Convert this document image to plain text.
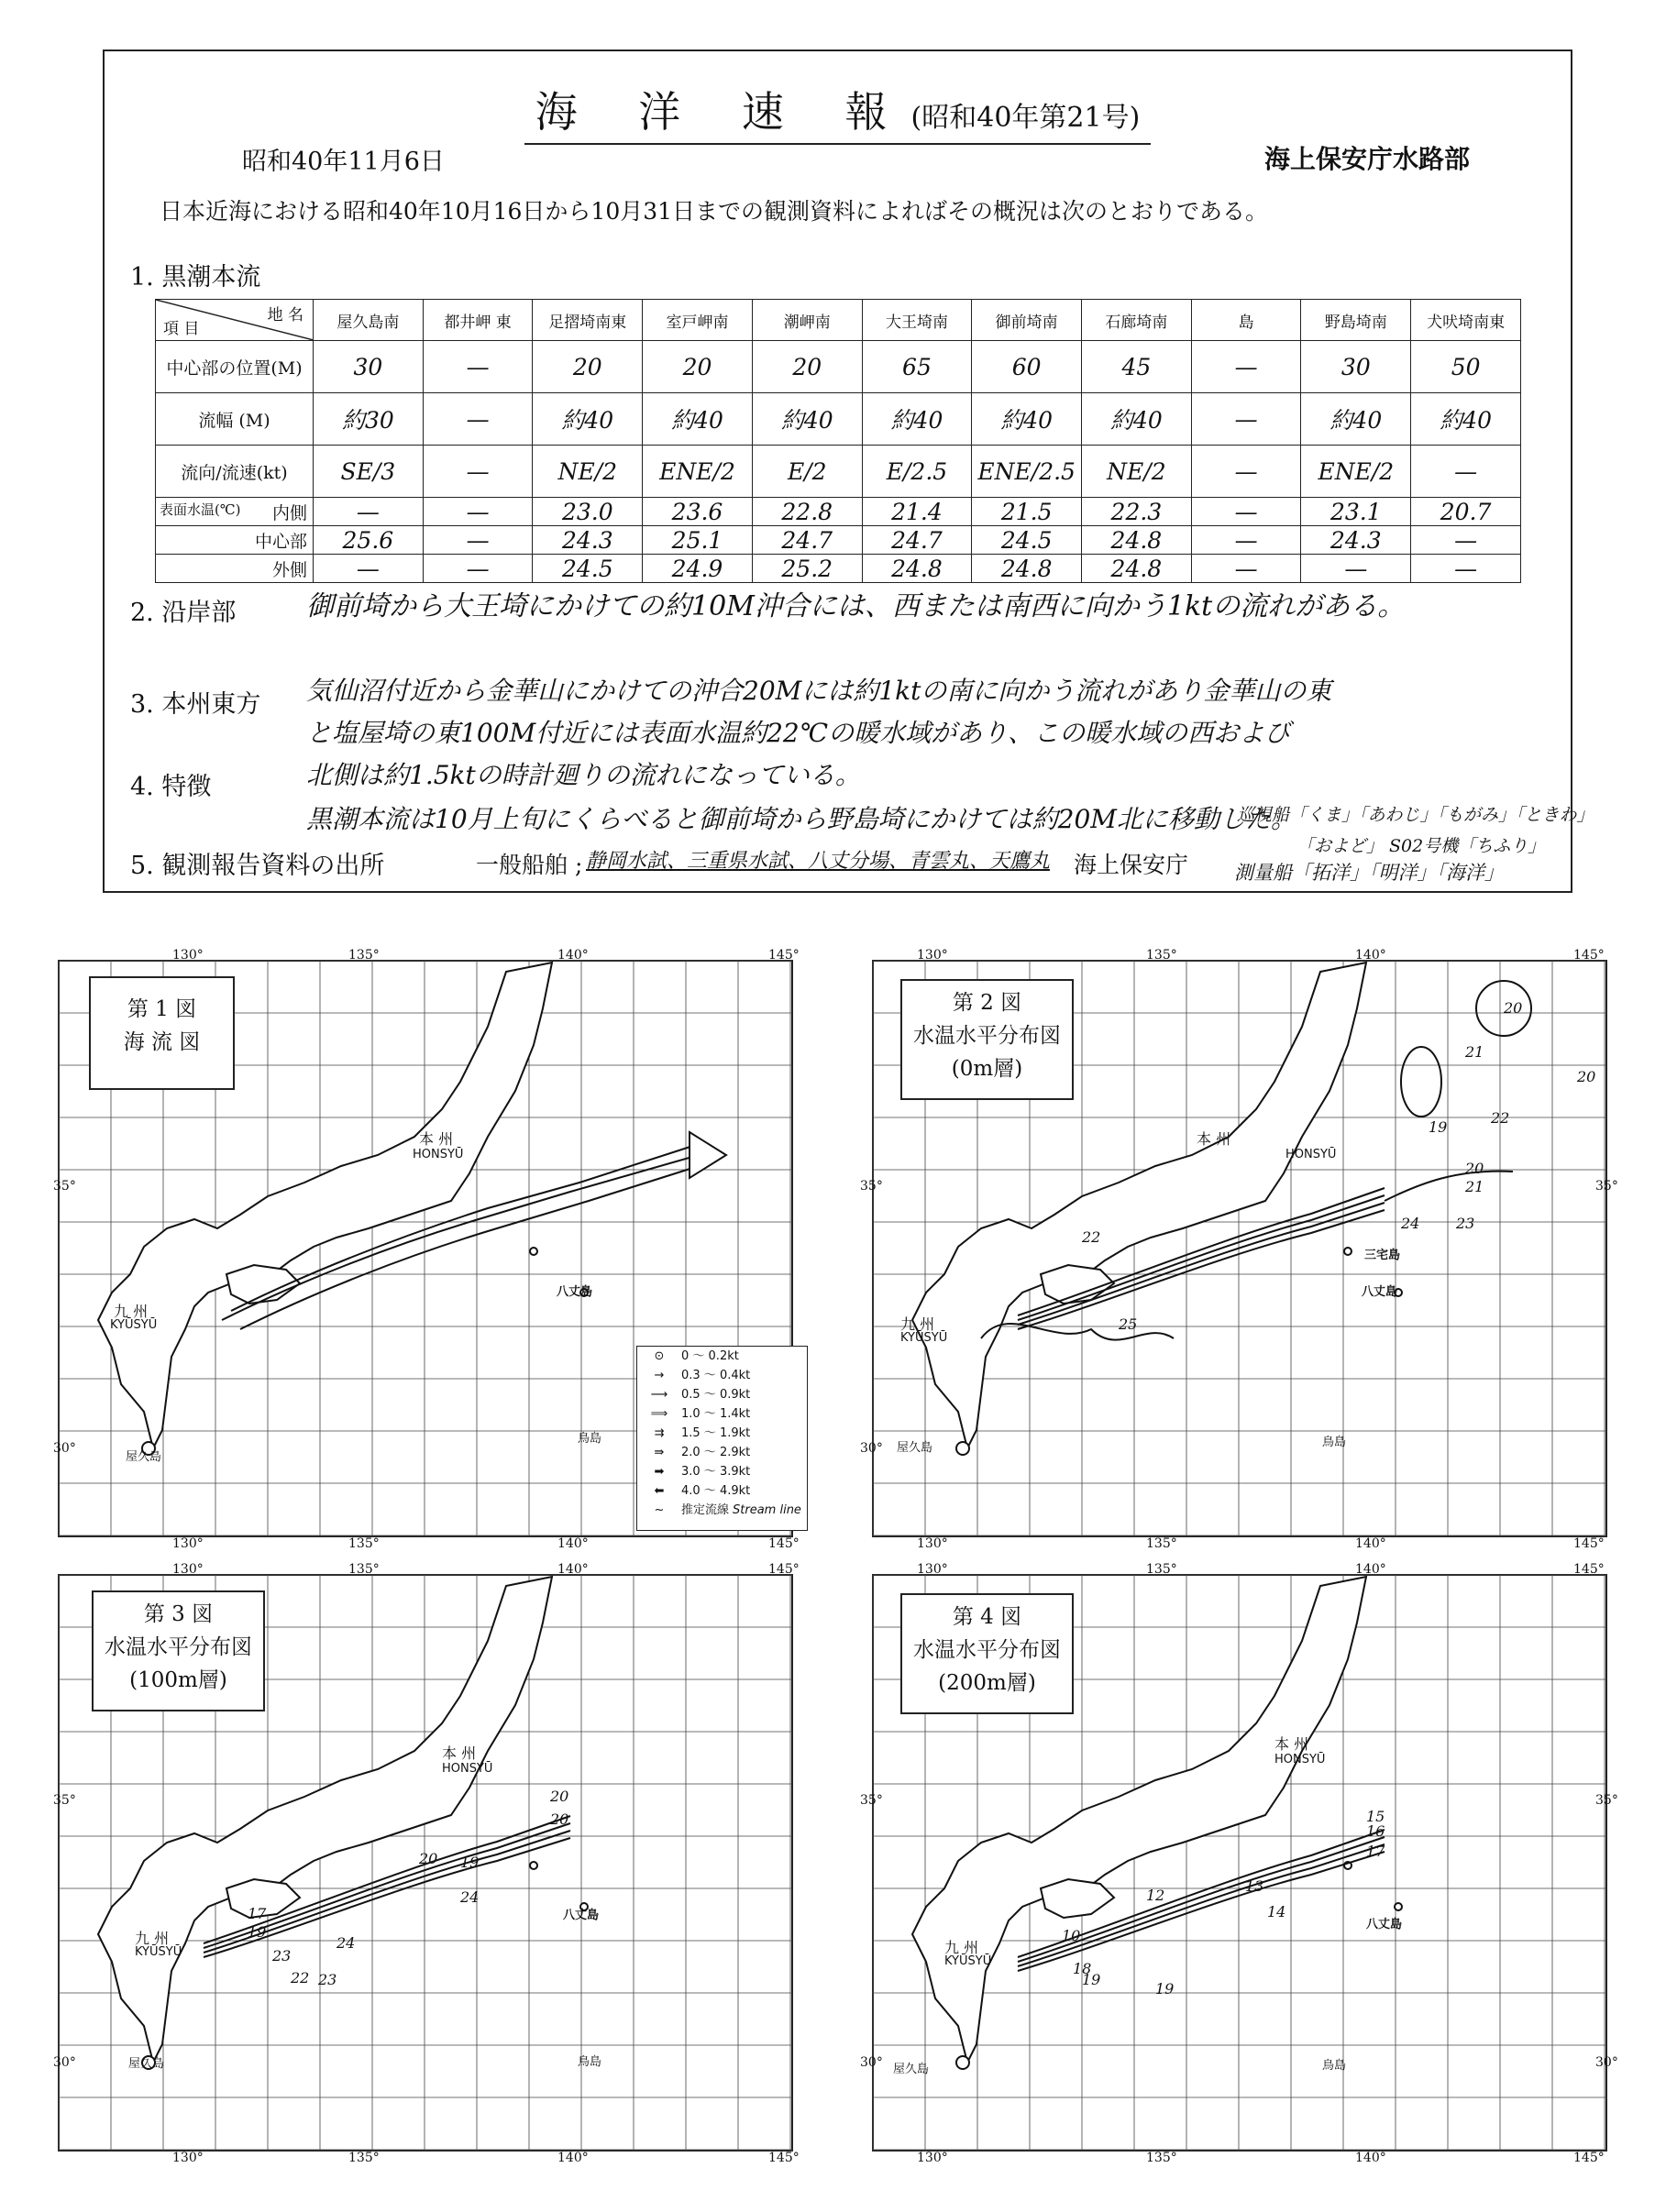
海 洋 速 報(昭和40年第21号)
昭和40年11月6日	海上保安庁水路部
日本近海における昭和40年10月16日から10月31日までの観測資料によればその概況は次のとおりである。
1. 黒潮本流
地 名
項 目	屋久島南	都井岬 東	足摺埼南東	室戸岬南	潮岬南	大王埼南	御前埼南	石廊埼南	島	野島埼南	犬吠埼南東
中心部の位置(M)	30	—	20	20	20	65	60	45	—	30	50
流幅 (M)	約30	—	約40	約40	約40	約40	約40	約40	—	約40	約40
流向/流速(kt)	SE/3	—	NE/2	ENE/2	E/2	E/2.5	ENE/2.5	NE/2	—	ENE/2	—

表面水温(℃) 内側	—	—	23.0	23.6	22.8	21.4	21.5	22.3	—	23.1	20.7
中心部	25.6	—	24.3	25.1	24.7	24.7	24.5	24.8	—	24.3	—
外側	—	—	24.5	24.9	25.2	24.8	24.8	24.8	—	—	—
2. 沿岸部	御前埼から大王埼にかけての約10M沖合には、西または南西に向かう1ktの流れがある。
3. 本州東方 気仙沼付近から金華山にかけての沖合20Mには約1ktの南に向かう流れがあり金華山の東
と塩屋埼の東100M付近には表面水温約22℃の暖水域があり、この暖水域の西および
北側は約1.5ktの時計廻りの流れになっている。
4. 特徴
黒潮本流は10月上旬にくらべると御前埼から野島埼にかけては約20M北に移動した。
5. 観測報告資料の出所	一般船舶 ; 静岡水試、三重県水試、八丈分場、青雲丸、天鷹丸 海上保安庁
巡視船「くま」「あわじ」「もがみ」「ときわ」
「およど」 S02号機「ちふり」
測量船「拓洋」「明洋」「海洋」
130°	135°	140°	145°
130°	135°	140°	145°
35°
30°
第 1 図
海 流 図
本 州
HONSYŪ
九 州
KYŪSYŪ
八丈島
屋久島
鳥島
⊙ 0 ～ 0.2kt
→ 0.3 ～ 0.4kt
⟶ 0.5 ～ 0.9kt
⟹ 1.0 ～ 1.4kt
⇉ 1.5 ～ 1.9kt
⇛ 2.0 ～ 2.9kt
➡ 3.0 ～ 3.9kt
⬅ 4.0 ～ 4.9kt
~ 推定流線 Stream line
130°	135°	140°	145°
130°	135°	140°	145°
35°	35°
30°
第 2 図
水温水平分布図
(0m層)
本 州
HONSYŪ
九 州
KYŪSYŪ
三宅島
八丈島
鳥島
屋久島
20
21
22
23
24
25
20
21
22
19
20
130°	135°	140°	145°
130°	135°	140°	145°
35°
30°
第 3 図
水温水平分布図
(100m層)
本 州
HONSYŪ
九 州
KYŪSYŪ
八丈島
鳥島
屋久島
17
19
20
23
24
22 23
20
20
19
24
130°	135°	140°	145°
130°	135°	140°	145°
35°	35°
30°	30°
第 4 図
水温水平分布図
(200m層)
本 州
HONSYŪ
九 州
KYŪSYŪ
八丈島
鳥島
屋久島
10
12
13
14
15
16
18
19
19
17
